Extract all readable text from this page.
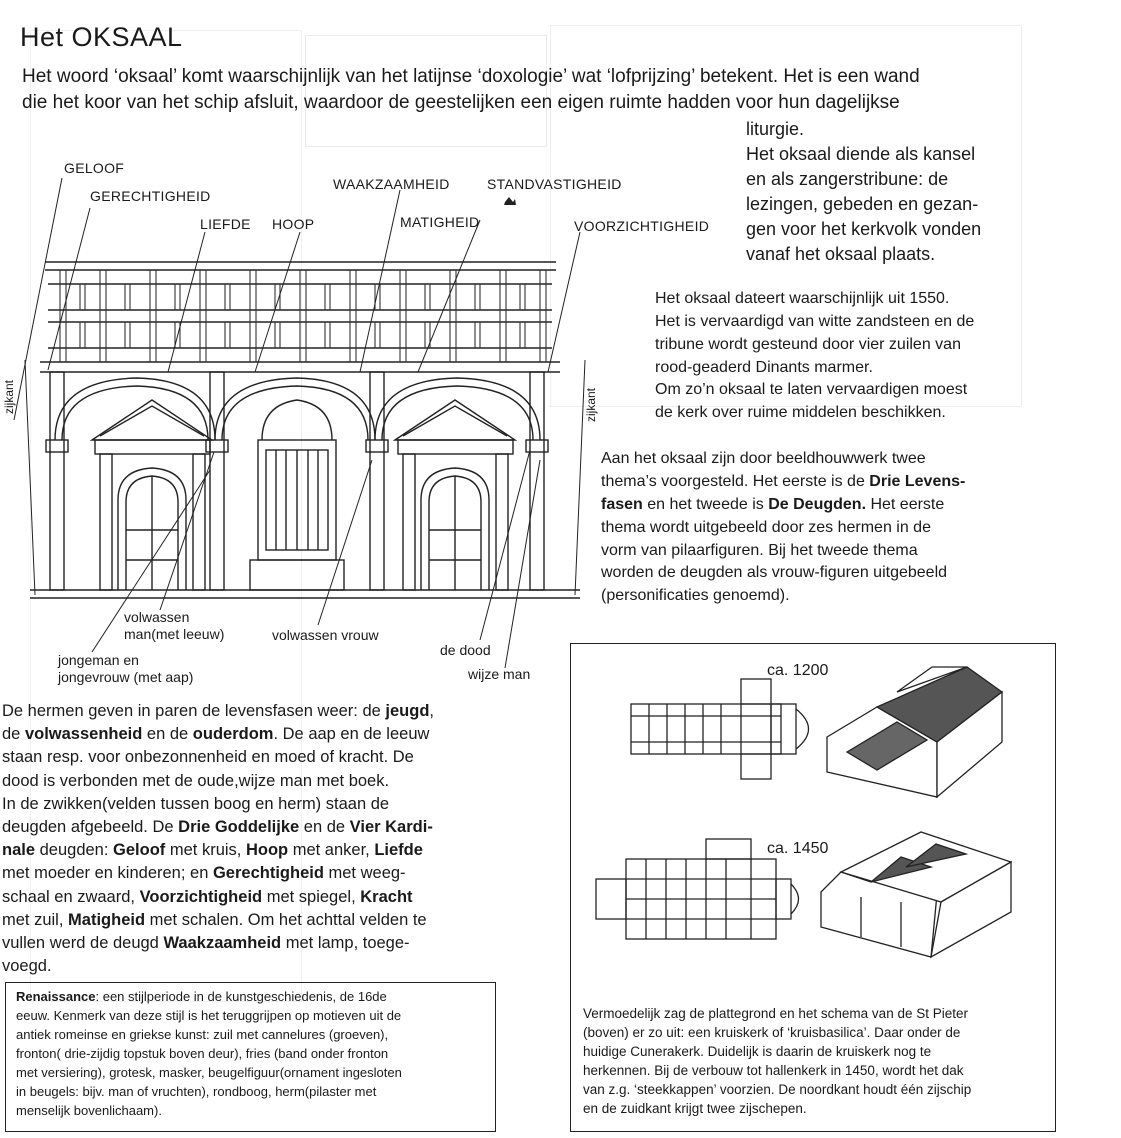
Het OKSAAL
Het woord ‘oksaal’ komt waarschijnlijk van het latijnse ‘doxologie’ wat ‘lofprijzing’ betekent. Het is een wand
die het koor van het schip afsluit, waardoor de geestelijken een eigen ruimte hadden voor hun dagelijkse
liturgie.
Het oksaal diende als kansel
en als zangerstribune: de
lezingen, gebeden en gezan-
gen voor het kerkvolk vonden
vanaf het oksaal plaats.
Het oksaal dateert waarschijnlijk uit 1550.
Het is vervaardigd van witte zandsteen en de
tribune wordt gesteund door vier zuilen van
rood-geaderd Dinants marmer.
Om zo’n oksaal te laten vervaardigen moest
de kerk over ruime middelen beschikken.
Aan het oksaal zijn door beeldhouwwerk twee
thema’s voorgesteld. Het eerste is de Drie Levens-
fasen en het tweede is De Deugden. Het eerste
thema wordt uitgebeeld door zes hermen in de
vorm van pilaarfiguren. Bij het tweede thema
worden de deugden als vrouw-figuren uitgebeeld
(personificaties genoemd).
GELOOF
GERECHTIGHEID
LIEFDE HOOP
WAAKZAAMHEID	STANDVASTIGHEID
MATIGHEID	VOORZICHTIGHEID
zijkant	zijkant
volwassen
man(met leeuw)
jongeman en
jongevrouw (met aap)
volwassen vrouw
de dood
wijze man
De hermen geven in paren de levensfasen weer: de jeugd,
de volwassenheid en de ouderdom. De aap en de leeuw
staan resp. voor onbezonnenheid en moed of kracht. De
dood is verbonden met de oude,wijze man met boek.
In de zwikken(velden tussen boog en herm) staan de
deugden afgebeeld. De Drie Goddelijke en de Vier Kardi-
nale deugden: Geloof met kruis, Hoop met anker, Liefde
met moeder en kinderen; en Gerechtigheid met weeg-
schaal en zwaard, Voorzichtigheid met spiegel, Kracht
met zuil, Matigheid met schalen. Om het achttal velden te
vullen werd de deugd Waakzaamheid met lamp, toege-
voegd.
Renaissance: een stijlperiode in de kunstgeschiedenis, de 16de
eeuw. Kenmerk van deze stijl is het teruggrijpen op motieven uit de
antiek romeinse en griekse kunst: zuil met cannelures (groeven),
fronton( drie-zijdig topstuk boven deur), fries (band onder fronton
met versiering), grotesk, masker, beugelfiguur(ornament ingesloten
in beugels: bijv. man of vruchten), rondboog, herm(pilaster met
menselijk bovenlichaam).
ca. 1200
ca. 1450
Vermoedelijk zag de plattegrond en het schema van de St Pieter
(boven) er zo uit: een kruiskerk of ‘kruisbasilica’. Daar onder de
huidige Cunerakerk. Duidelijk is daarin de kruiskerk nog te
herkennen. Bij de verbouw tot hallenkerk in 1450, wordt het dak
van z.g. ‘steekkappen’ voorzien. De noordkant houdt één zijschip
en de zuidkant krijgt twee zijschepen.
